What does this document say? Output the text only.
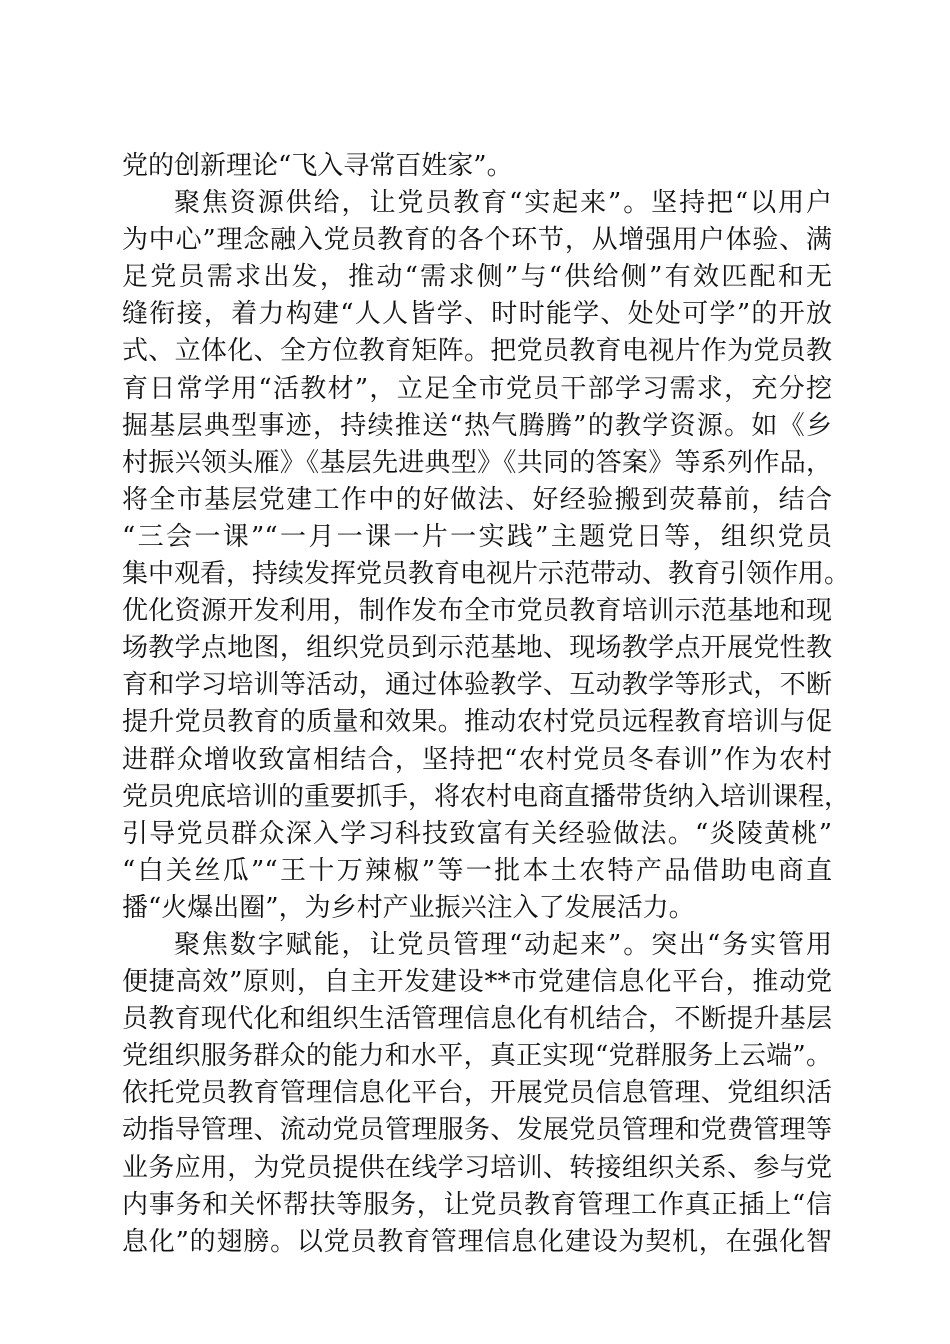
党的创新理论“飞入寻常百姓家”。
聚焦资源供给，让党员教育“实起来”。坚持把“以用户
为中心”理念融入党员教育的各个环节，从增强用户体验、满
足党员需求出发，推动“需求侧”与“供给侧”有效匹配和无
缝衔接，着力构建“人人皆学、时时能学、处处可学”的开放
式、立体化、全方位教育矩阵。把党员教育电视片作为党员教
育日常学用“活教材”，立足全市党员干部学习需求，充分挖
掘基层典型事迹，持续推送“热气腾腾”的教学资源。如《乡
村振兴领头雁》《基层先进典型》《共同的答案》等系列作品，
将全市基层党建工作中的好做法、好经验搬到荧幕前，结合
“三会一课”“一月一课一片一实践”主题党日等，组织党员
集中观看，持续发挥党员教育电视片示范带动、教育引领作用。
优化资源开发利用，制作发布全市党员教育培训示范基地和现
场教学点地图，组织党员到示范基地、现场教学点开展党性教
育和学习培训等活动，通过体验教学、互动教学等形式，不断
提升党员教育的质量和效果。推动农村党员远程教育培训与促
进群众增收致富相结合，坚持把“农村党员冬春训”作为农村
党员兜底培训的重要抓手，将农村电商直播带货纳入培训课程，
引导党员群众深入学习科技致富有关经验做法。“炎陵黄桃”
“白关丝瓜”“王十万辣椒”等一批本土农特产品借助电商直
播“火爆出圈”，为乡村产业振兴注入了发展活力。
聚焦数字赋能，让党员管理“动起来”。突出“务实管用
便捷高效”原则，自主开发建设**市党建信息化平台，推动党
员教育现代化和组织生活管理信息化有机结合，不断提升基层
党组织服务群众的能力和水平，真正实现“党群服务上云端”。
依托党员教育管理信息化平台，开展党员信息管理、党组织活
动指导管理、流动党员管理服务、发展党员管理和党费管理等
业务应用，为党员提供在线学习培训、转接组织关系、参与党
内事务和关怀帮扶等服务，让党员教育管理工作真正插上“信
息化”的翅膀。以党员教育管理信息化建设为契机，在强化智
